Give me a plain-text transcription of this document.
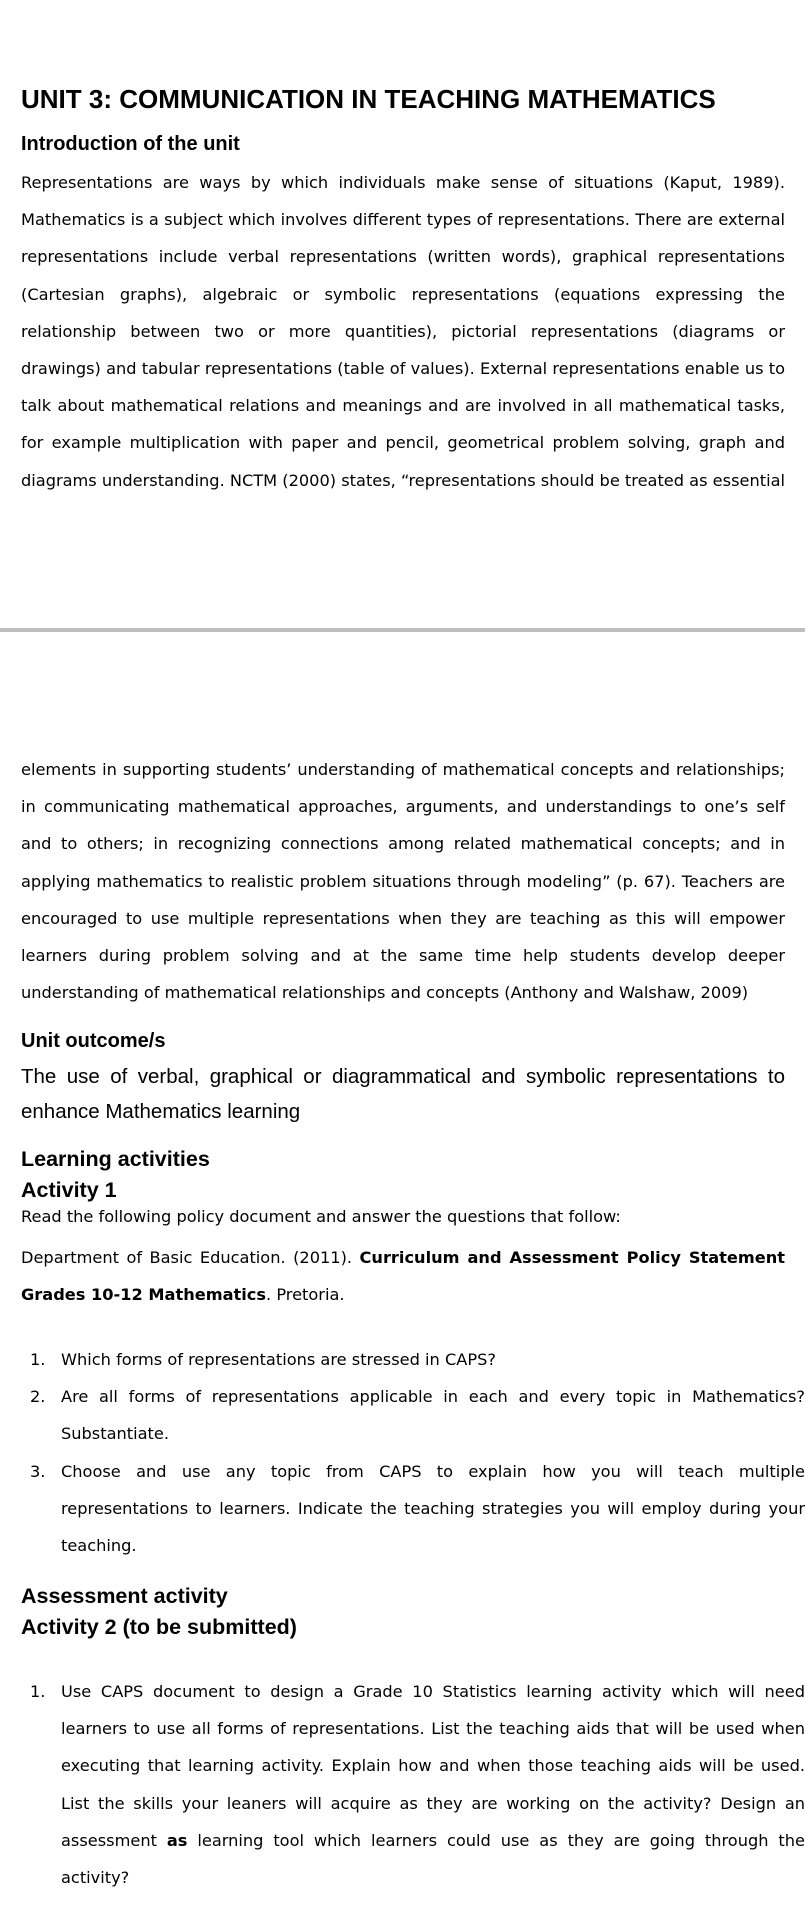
UNIT 3: COMMUNICATION IN TEACHING MATHEMATICS
Introduction of the unit

Representations are ways by which individuals make sense of situations (Kaput, 1989). Mathematics is a subject which involves different types of representations. There are external representations include verbal representations (written words), graphical representations (Cartesian graphs), algebraic or symbolic representations (equations expressing the relationship between two or more quantities), pictorial representations (diagrams or drawings) and tabular representations (table of values). External representations enable us to talk about mathematical relations and meanings and are involved in all mathematical tasks, for example multiplication with paper and pencil, geometrical problem solving, graph and diagrams understanding. NCTM (2000) states, “representations should be treated as essential

elements in supporting students’ understanding of mathematical concepts and relationships; in communicating mathematical approaches, arguments, and understandings to one’s self and to others; in recognizing connections among related mathematical concepts; and in applying mathematics to realistic problem situations through modeling” (p. 67). Teachers are encouraged to use multiple representations when they are teaching as this will empower learners during problem solving and at the same time help students develop deeper understanding of mathematical relationships and concepts (Anthony and Walshaw, 2009)

Unit outcome/s

The use of verbal, graphical or diagrammatical and symbolic representations to enhance Mathematics learning

Learning activities
Activity 1

Read the following policy document and answer the questions that follow:

Department of Basic Education. (2011). Curriculum and Assessment Policy Statement Grades 10-12 Mathematics. Pretoria.

1. Which forms of representations are stressed in CAPS?
2. Are all forms of representations applicable in each and every topic in Mathematics? Substantiate.
3. Choose and use any topic from CAPS to explain how you will teach multiple representations to learners. Indicate the teaching strategies you will employ during your teaching.
Assessment activity
Activity 2 (to be submitted)
1. Use CAPS document to design a Grade 10 Statistics learning activity which will need learners to use all forms of representations. List the teaching aids that will be used when executing that learning activity. Explain how and when those teaching aids will be used. List the skills your leaners will acquire as they are working on the activity? Design an assessment as learning tool which learners could use as they are going through the activity?
